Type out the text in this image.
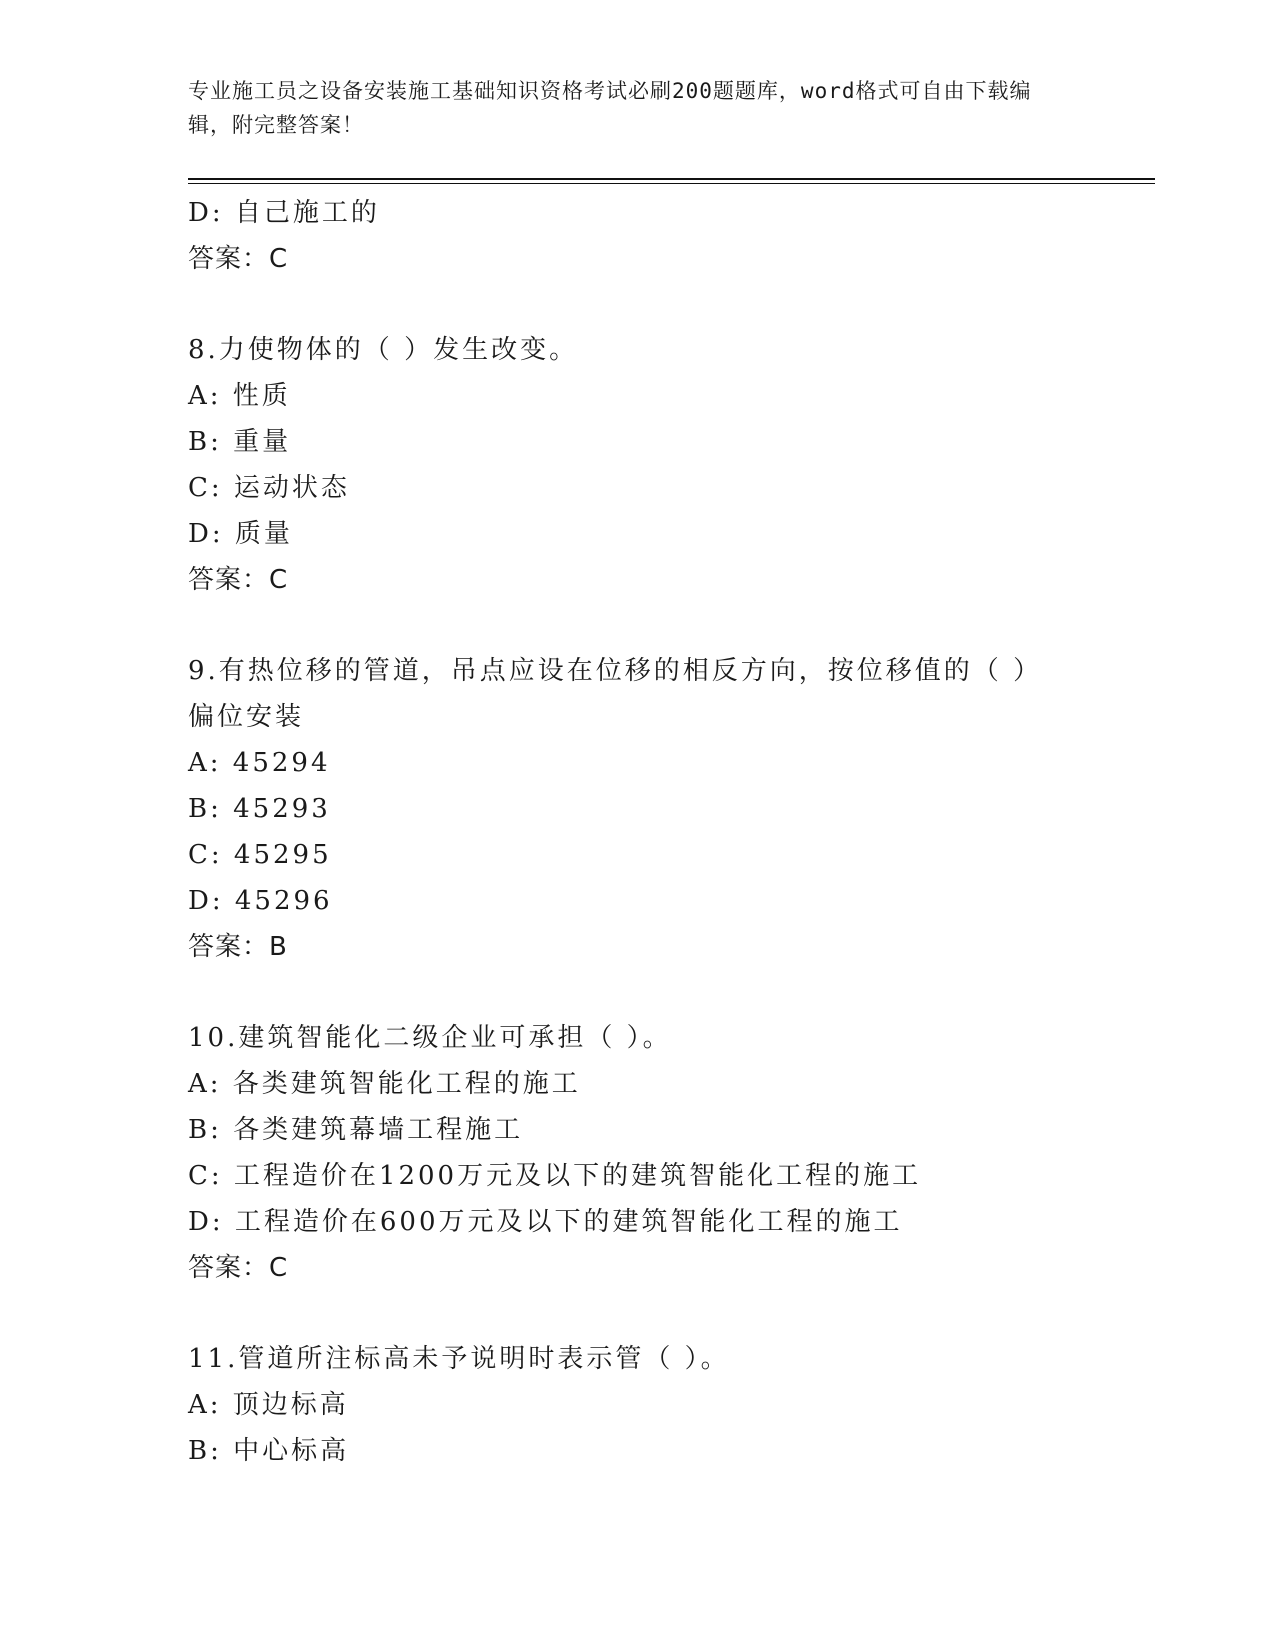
专业施工员之设备安装施工基础知识资格考试必刷200题题库，word格式可自由下载编辑，附完整答案！
D: 自己施工的
答案：C
8.力使物体的（ ）发生改变。
A: 性质
B: 重量
C: 运动状态
D: 质量
答案：C
9.有热位移的管道，吊点应设在位移的相反方向，按位移值的（ ）偏位安装
A: 45294
B: 45293
C: 45295
D: 45296
答案：B
10.建筑智能化二级企业可承担（ ）。
A: 各类建筑智能化工程的施工
B: 各类建筑幕墙工程施工
C: 工程造价在1200万元及以下的建筑智能化工程的施工
D: 工程造价在600万元及以下的建筑智能化工程的施工
答案：C
11.管道所注标高未予说明时表示管（ ）。
A: 顶边标高
B: 中心标高
